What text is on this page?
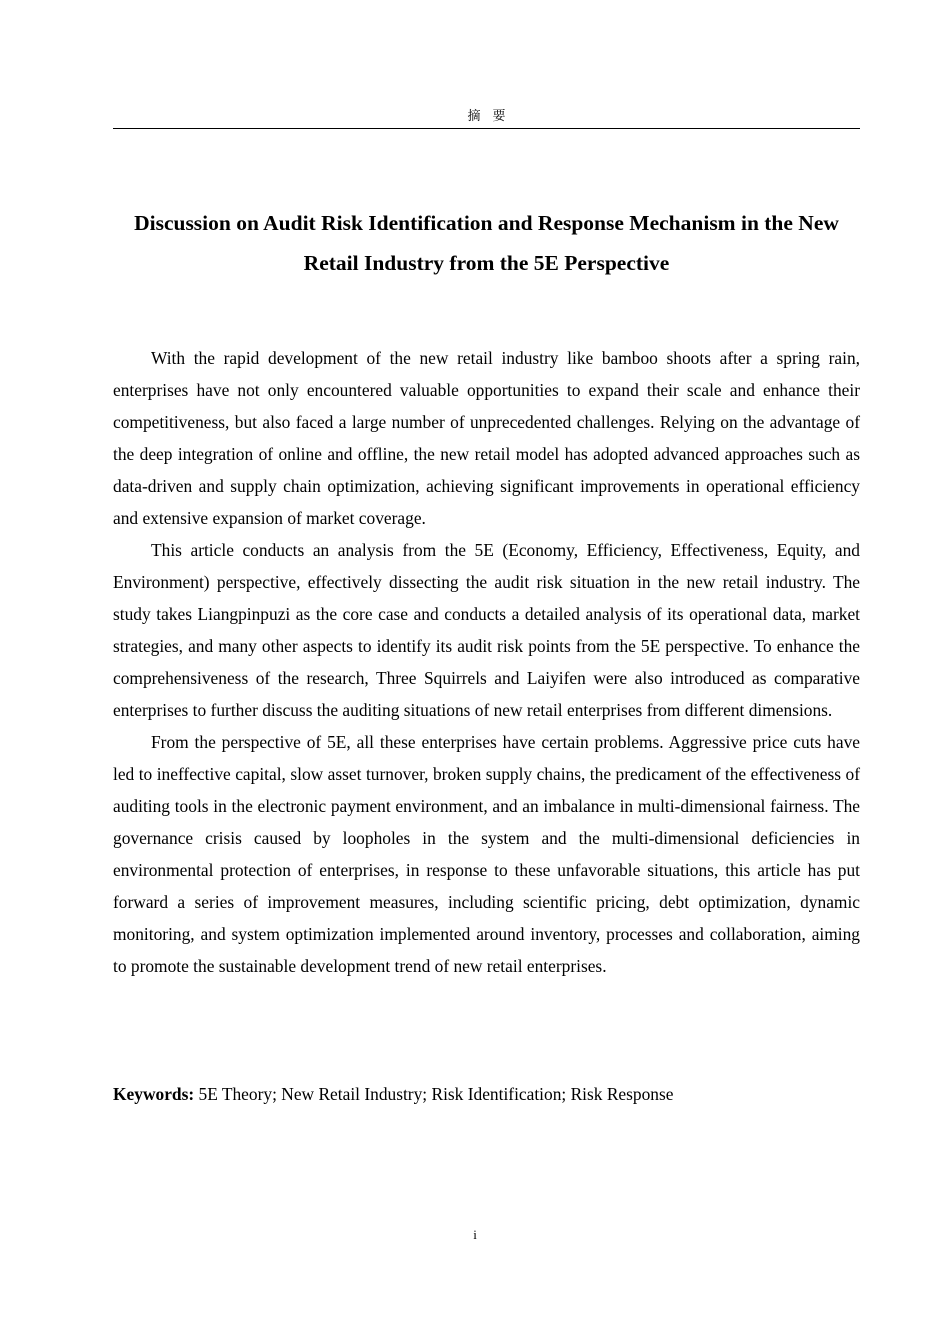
摘要
Discussion on Audit Risk Identification and Response Mechanism in the New Retail Industry from the 5E Perspective

With the rapid development of the new retail industry like bamboo shoots after a spring rain, enterprises have not only encountered valuable opportunities to expand their scale and enhance their competitiveness, but also faced a large number of unprecedented challenges. Relying on the advantage of the deep integration of online and offline, the new retail model has adopted advanced approaches such as data-driven and supply chain optimization, achieving significant improvements in operational efficiency and extensive expansion of market coverage.

This article conducts an analysis from the 5E (Economy, Efficiency, Effectiveness, Equity, and Environment) perspective, effectively dissecting the audit risk situation in the new retail industry. The study takes Liangpinpuzi as the core case and conducts a detailed analysis of its operational data, market strategies, and many other aspects to identify its audit risk points from the 5E perspective. To enhance the comprehensiveness of the research, Three Squirrels and Laiyifen were also introduced as comparative enterprises to further discuss the auditing situations of new retail enterprises from different dimensions.

From the perspective of 5E, all these enterprises have certain problems. Aggressive price cuts have led to ineffective capital, slow asset turnover, broken supply chains, the predicament of the effectiveness of auditing tools in the electronic payment environment, and an imbalance in multi-dimensional fairness. The governance crisis caused by loopholes in the system and the multi-dimensional deficiencies in environmental protection of enterprises, in response to these unfavorable situations, this article has put forward a series of improvement measures, including scientific pricing, debt optimization, dynamic monitoring, and system optimization implemented around inventory, processes and collaboration, aiming to promote the sustainable development trend of new retail enterprises.

Keywords: 5E Theory; New Retail Industry; Risk Identification; Risk Response
i
